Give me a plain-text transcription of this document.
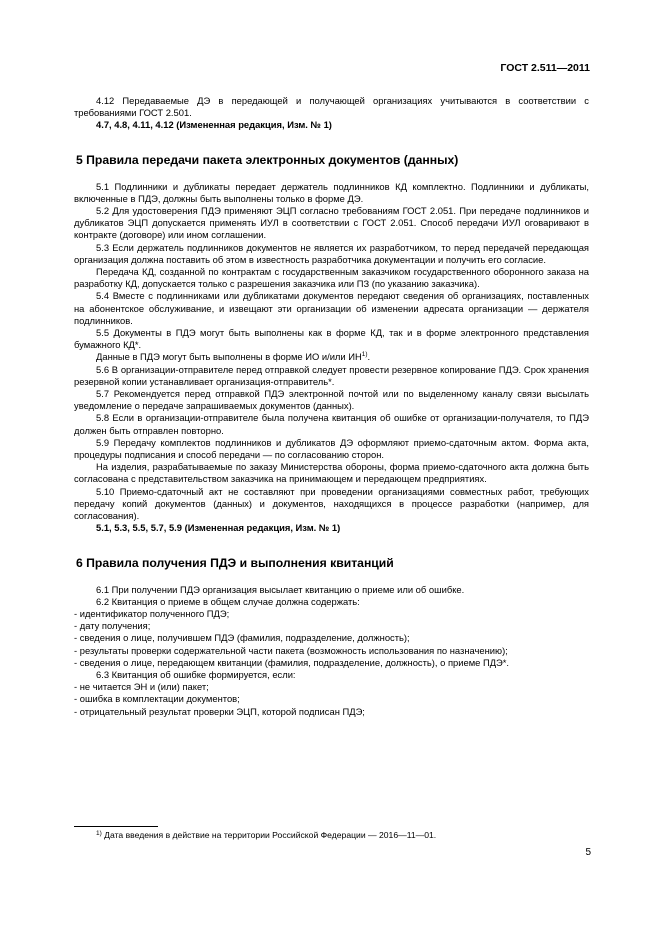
ГОСТ 2.511—2011

4.12 Передаваемые ДЭ в передающей и получающей организациях учитываются в соответствии с требованиями ГОСТ 2.501.

4.7, 4.8, 4.11, 4.12 (Измененная редакция, Изм. № 1)

5 Правила передачи пакета электронных документов (данных)

5.1 Подлинники и дубликаты передает держатель подлинников КД комплектно. Подлинники и дубликаты, включенные в ПДЭ, должны быть выполнены только в форме ДЭ.

5.2 Для удостоверения ПДЭ применяют ЭЦП согласно требованиям ГОСТ 2.051. При передаче подлинников и дубликатов ЭЦП допускается применять ИУЛ в соответствии с ГОСТ 2.051. Способ передачи ИУЛ оговаривают в контракте (договоре) или ином соглашении.

5.3 Если держатель подлинников документов не является их разработчиком, то перед передачей передающая организация должна поставить об этом в известность разработчика документации и получить его согласие.

Передача КД, созданной по контрактам с государственным заказчиком государственного оборонного заказа на разработку КД, допускается только с разрешения заказчика или ПЗ (по указанию заказчика).

5.4 Вместе с подлинниками или дубликатами документов передают сведения об организациях, поставленных на абонентское обслуживание, и извещают эти организации об изменении адресата организации — держателя подлинников.

5.5 Документы в ПДЭ могут быть выполнены как в форме КД, так и в форме электронного представления бумажного КД*.

Данные в ПДЭ могут быть выполнены в форме ИО и/или ИН$^{1)}$.

5.6 В организации-отправителе перед отправкой следует провести резервное копирование ПДЭ. Срок хранения резервной копии устанавливает организация-отправитель*.

5.7 Рекомендуется перед отправкой ПДЭ электронной почтой или по выделенному каналу связи высылать уведомление о передаче запрашиваемых документов (данных).

5.8 Если в организации-отправителе была получена квитанция об ошибке от организации-получателя, то ПДЭ должен быть отправлен повторно.

5.9 Передачу комплектов подлинников и дубликатов ДЭ оформляют приемо-сдаточным актом. Форма акта, процедуры подписания и способ передачи — по согласованию сторон.

На изделия, разрабатываемые по заказу Министерства обороны, форма приемо-сдаточного акта должна быть согласована с представительством заказчика на принимающем и передающем предприятиях.

5.10 Приемо-сдаточный акт не составляют при проведении организациями совместных работ, требующих передачу копий документов (данных) и документов, находящихся в процессе разработки (например, для согласования).

5.1, 5.3, 5.5, 5.7, 5.9 (Измененная редакция, Изм. № 1)

6 Правила получения ПДЭ и выполнения квитанций

6.1 При получении ПДЭ организация высылает квитанцию о приеме или об ошибке.

6.2 Квитанция о приеме в общем случае должна содержать:

- идентификатор полученного ПДЭ;

- дату получения;

- сведения о лице, получившем ПДЭ (фамилия, подразделение, должность);

- результаты проверки содержательной части пакета (возможность использования по назначению);

- сведения о лице, передающем квитанции (фамилия, подразделение, должность), о приеме ПДЭ*.

6.3 Квитанция об ошибке формируется, если:

- не читается ЭН и (или) пакет;

- ошибка в комплектации документов;

- отрицательный результат проверки ЭЦП, которой подписан ПДЭ;

$^{1)}$ Дата введения в действие на территории Российской Федерации — 2016—11—01.
5
